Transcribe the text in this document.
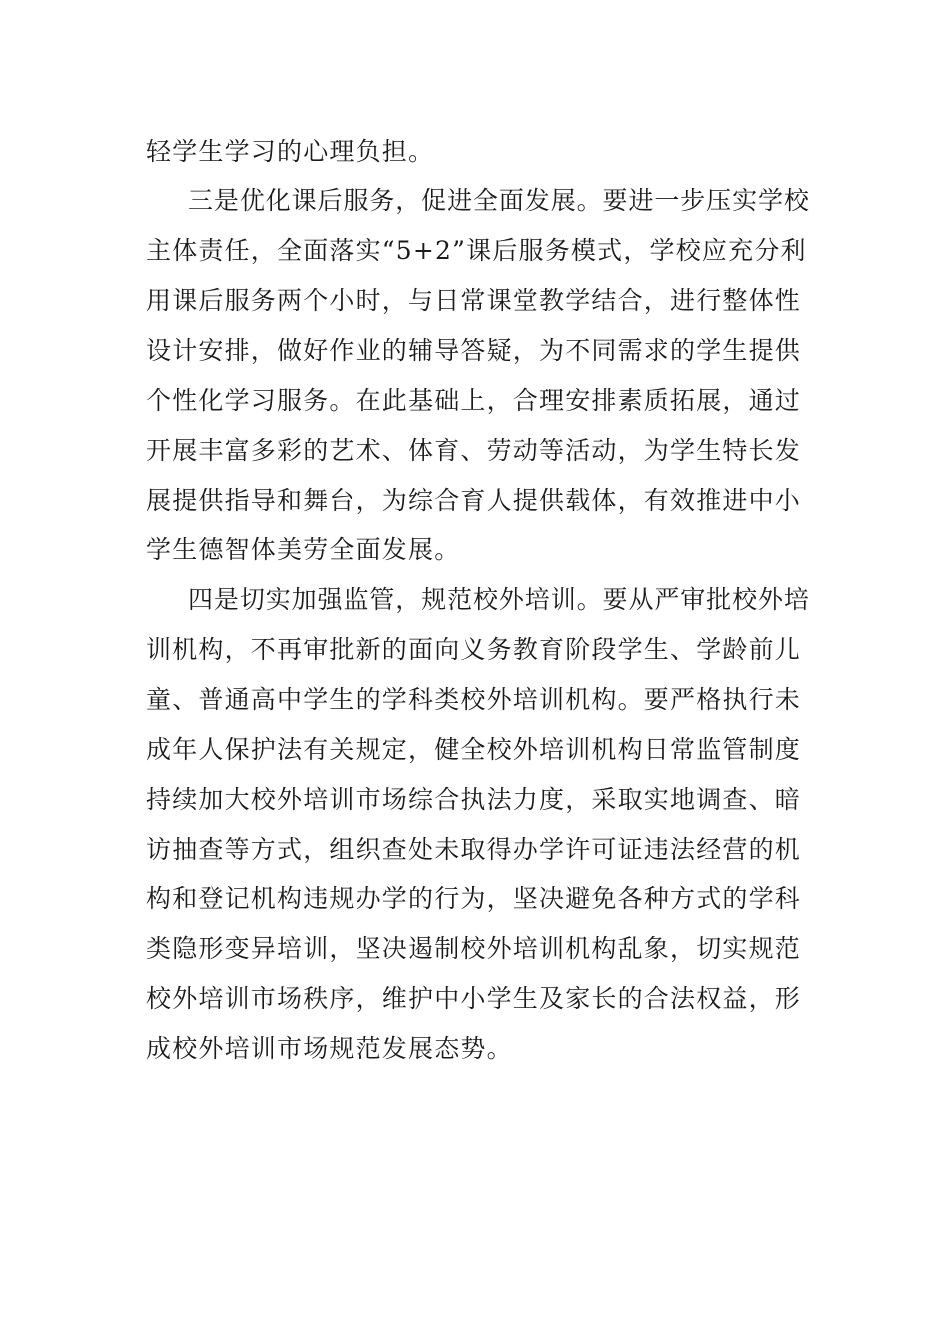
轻学生学习的心理负担。
三是优化课后服务，促进全面发展。要进一步压实学校
主体责任，全面落实“5+2”课后服务模式，学校应充分利
用课后服务两个小时，与日常课堂教学结合，进行整体性
设计安排，做好作业的辅导答疑，为不同需求的学生提供
个性化学习服务。在此基础上，合理安排素质拓展，通过
开展丰富多彩的艺术、体育、劳动等活动，为学生特长发
展提供指导和舞台，为综合育人提供载体，有效推进中小
学生德智体美劳全面发展。
四是切实加强监管，规范校外培训。要从严审批校外培
训机构，不再审批新的面向义务教育阶段学生、学龄前儿
童、普通高中学生的学科类校外培训机构。要严格执行未
成年人保护法有关规定，健全校外培训机构日常监管制度
持续加大校外培训市场综合执法力度，采取实地调查、暗
访抽查等方式，组织查处未取得办学许可证违法经营的机
构和登记机构违规办学的行为，坚决避免各种方式的学科
类隐形变异培训，坚决遏制校外培训机构乱象，切实规范
校外培训市场秩序，维护中小学生及家长的合法权益，形
成校外培训市场规范发展态势。
